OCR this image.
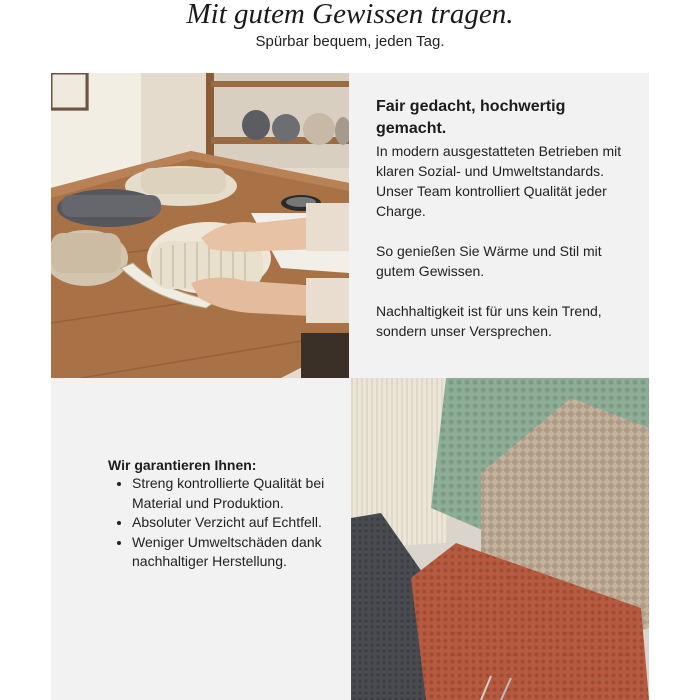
Mit gutem Gewissen tragen.
Spürbar bequem, jeden Tag.
Fair gedacht, hochwertig gemacht.

In modern ausgestatteten Betrieben mit klaren Sozial- und Umweltstandards. Unser Team kontrolliert Qualität jeder Charge.

So genießen Sie Wärme und Stil mit gutem Gewissen.

Nachhaltigkeit ist für uns kein Trend, sondern unser Versprechen.

Wir garantieren Ihnen:
• Streng kontrollierte Qualität bei Material und Produktion.
• Absoluter Verzicht auf Echtfell.
• Weniger Umweltschäden dank nachhaltiger Herstellung.
